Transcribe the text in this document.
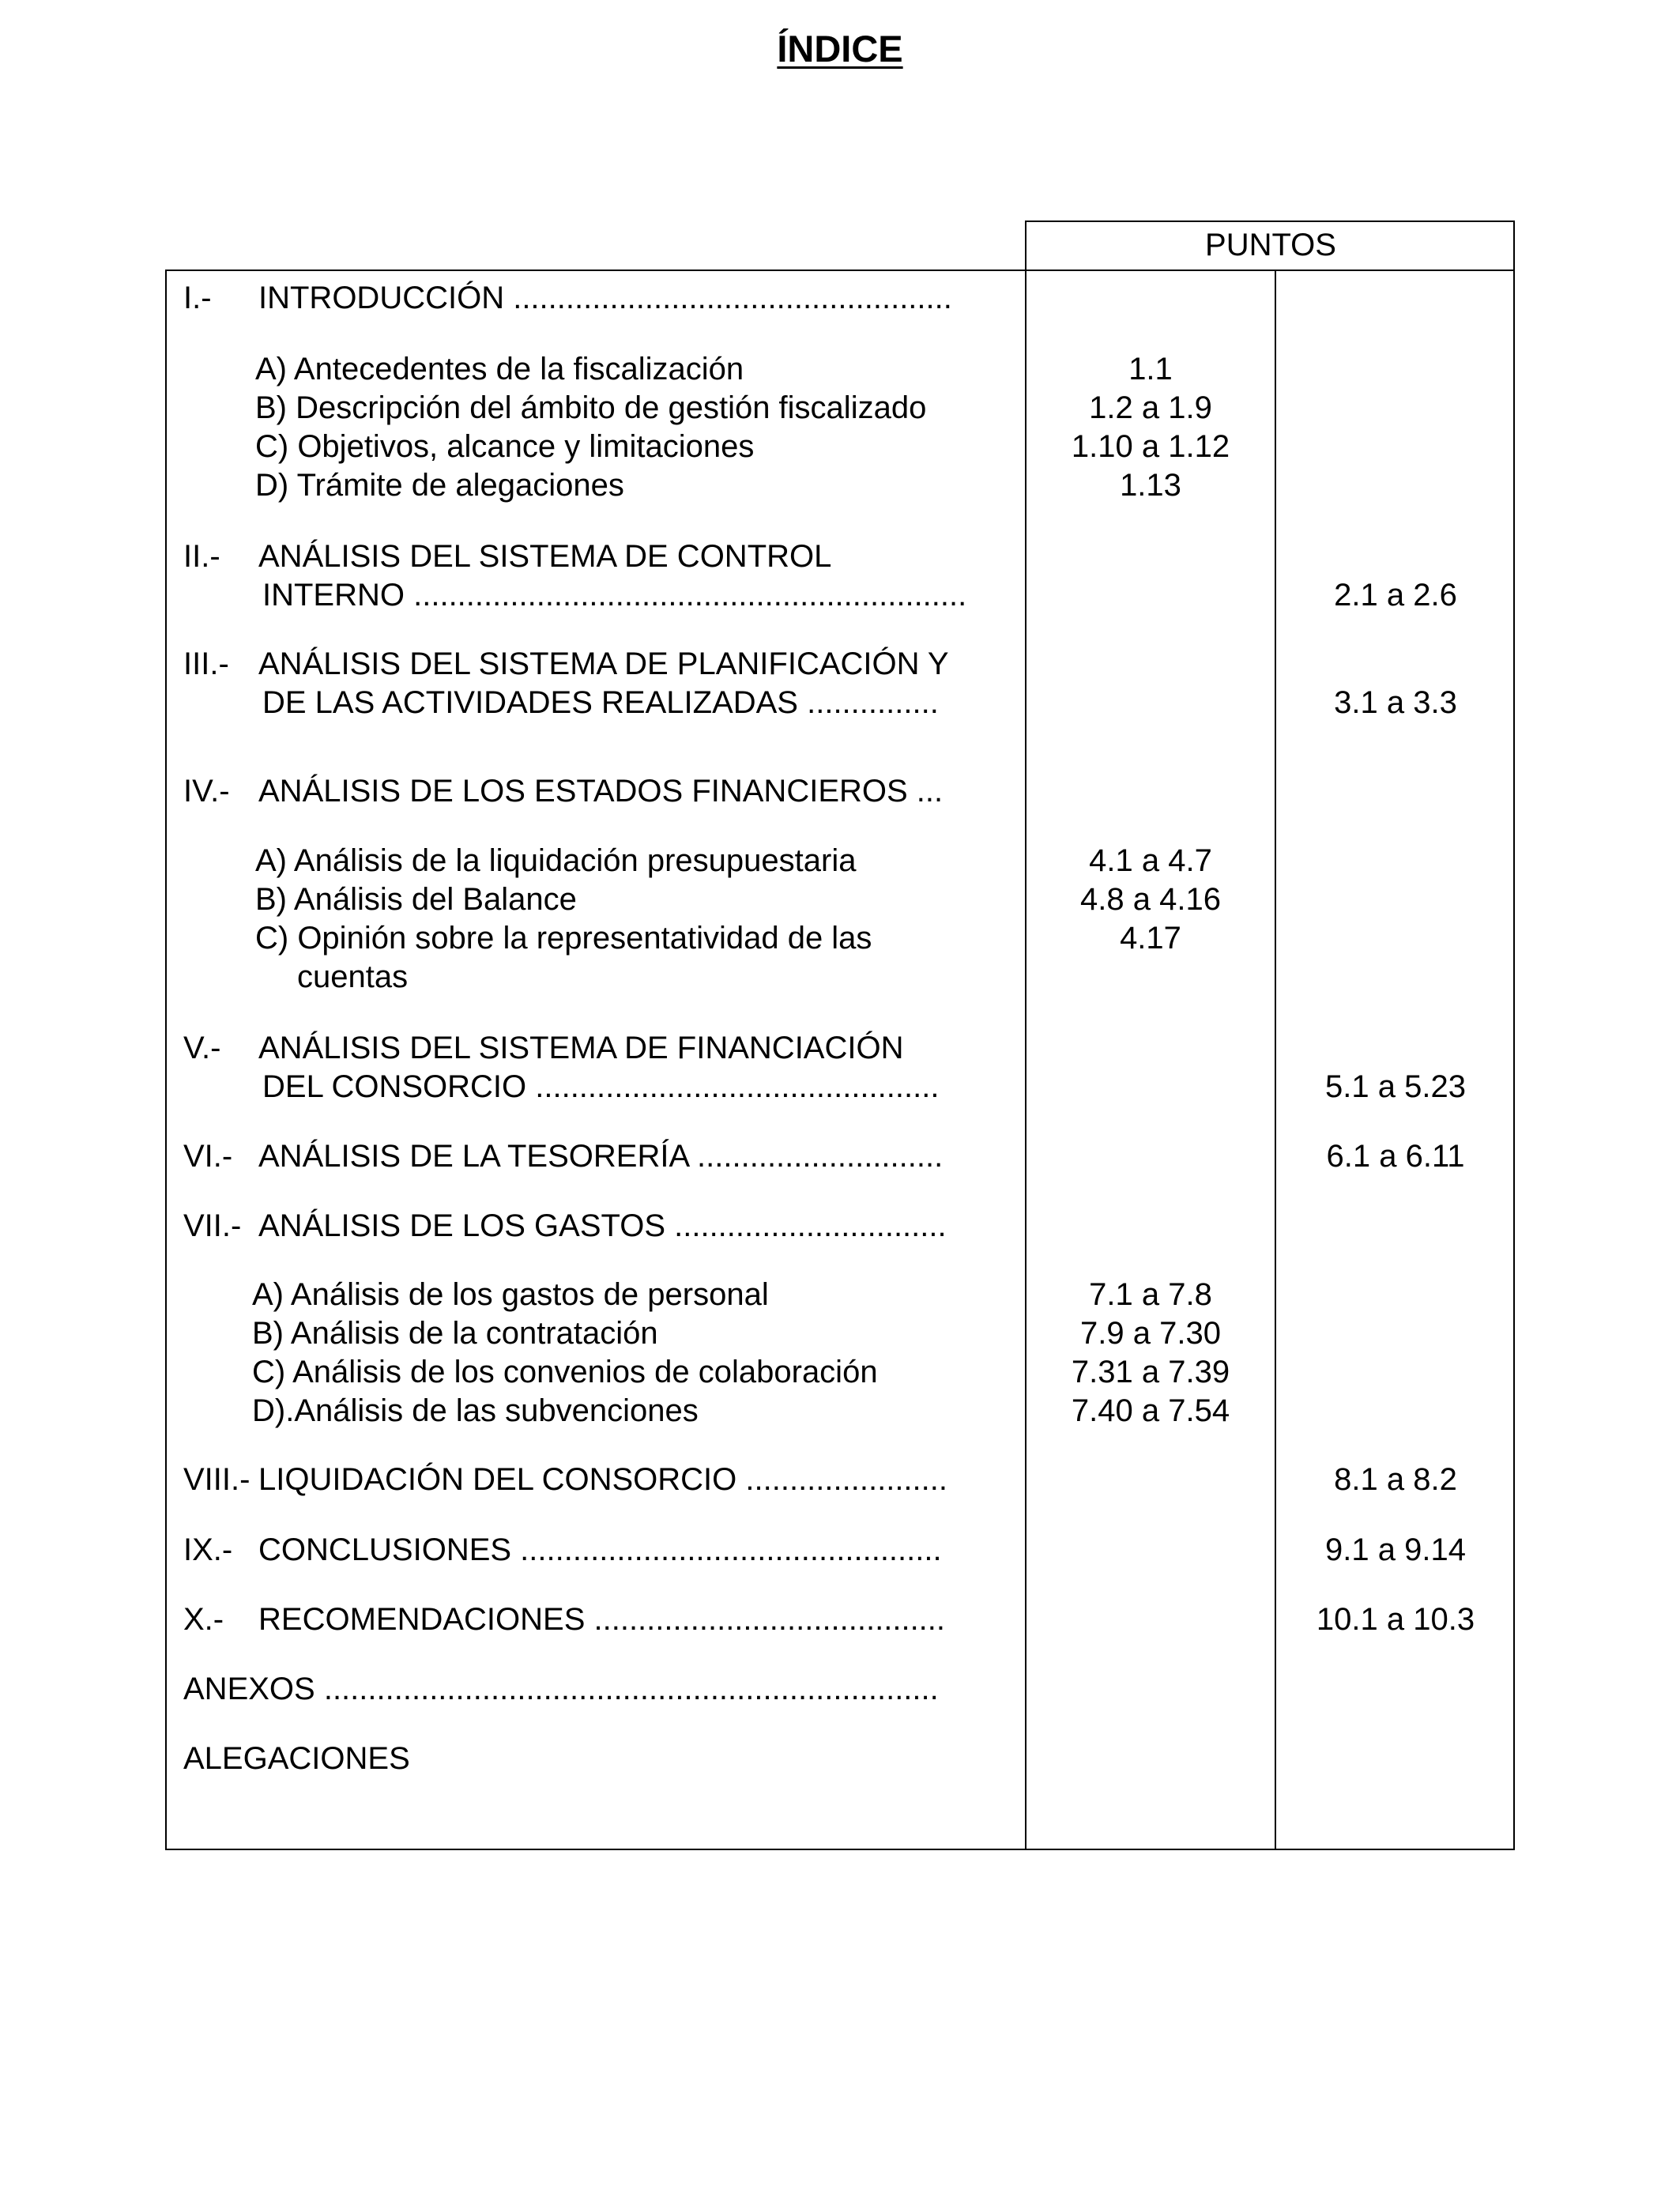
ÍNDICE
PUNTOS
I.- INTRODUCCIÓN ..................................................
A) Antecedentes de la fiscalización	1.1
B) Descripción del ámbito de gestión fiscalizado	1.2 a 1.9
C) Objetivos, alcance y limitaciones	1.10 a 1.12
D) Trámite de alegaciones	1.13
II.- ANÁLISIS DEL SISTEMA DE CONTROL
INTERNO ...............................................................	2.1 a 2.6
III.- ANÁLISIS DEL SISTEMA DE PLANIFICACIÓN Y
DE LAS ACTIVIDADES REALIZADAS ...............	3.1 a 3.3
IV.- ANÁLISIS DE LOS ESTADOS FINANCIEROS ...
A) Análisis de la liquidación presupuestaria	4.1 a 4.7
B) Análisis del Balance	4.8 a 4.16
C) Opinión sobre la representatividad de las	4.17
cuentas
V.- ANÁLISIS DEL SISTEMA DE FINANCIACIÓN
DEL CONSORCIO ..............................................	5.1 a 5.23
VI.- ANÁLISIS DE LA TESORERÍA ............................	6.1 a 6.11
VII.- ANÁLISIS DE LOS GASTOS ...............................
A) Análisis de los gastos de personal	7.1 a 7.8
B) Análisis de la contratación	7.9 a 7.30
C) Análisis de los convenios de colaboración	7.31 a 7.39
D).Análisis de las subvenciones	7.40 a 7.54
VIII.- LIQUIDACIÓN DEL CONSORCIO .......................	8.1 a 8.2
IX.- CONCLUSIONES ................................................	9.1 a 9.14
X.- RECOMENDACIONES ........................................	10.1 a 10.3
ANEXOS ......................................................................
ALEGACIONES
